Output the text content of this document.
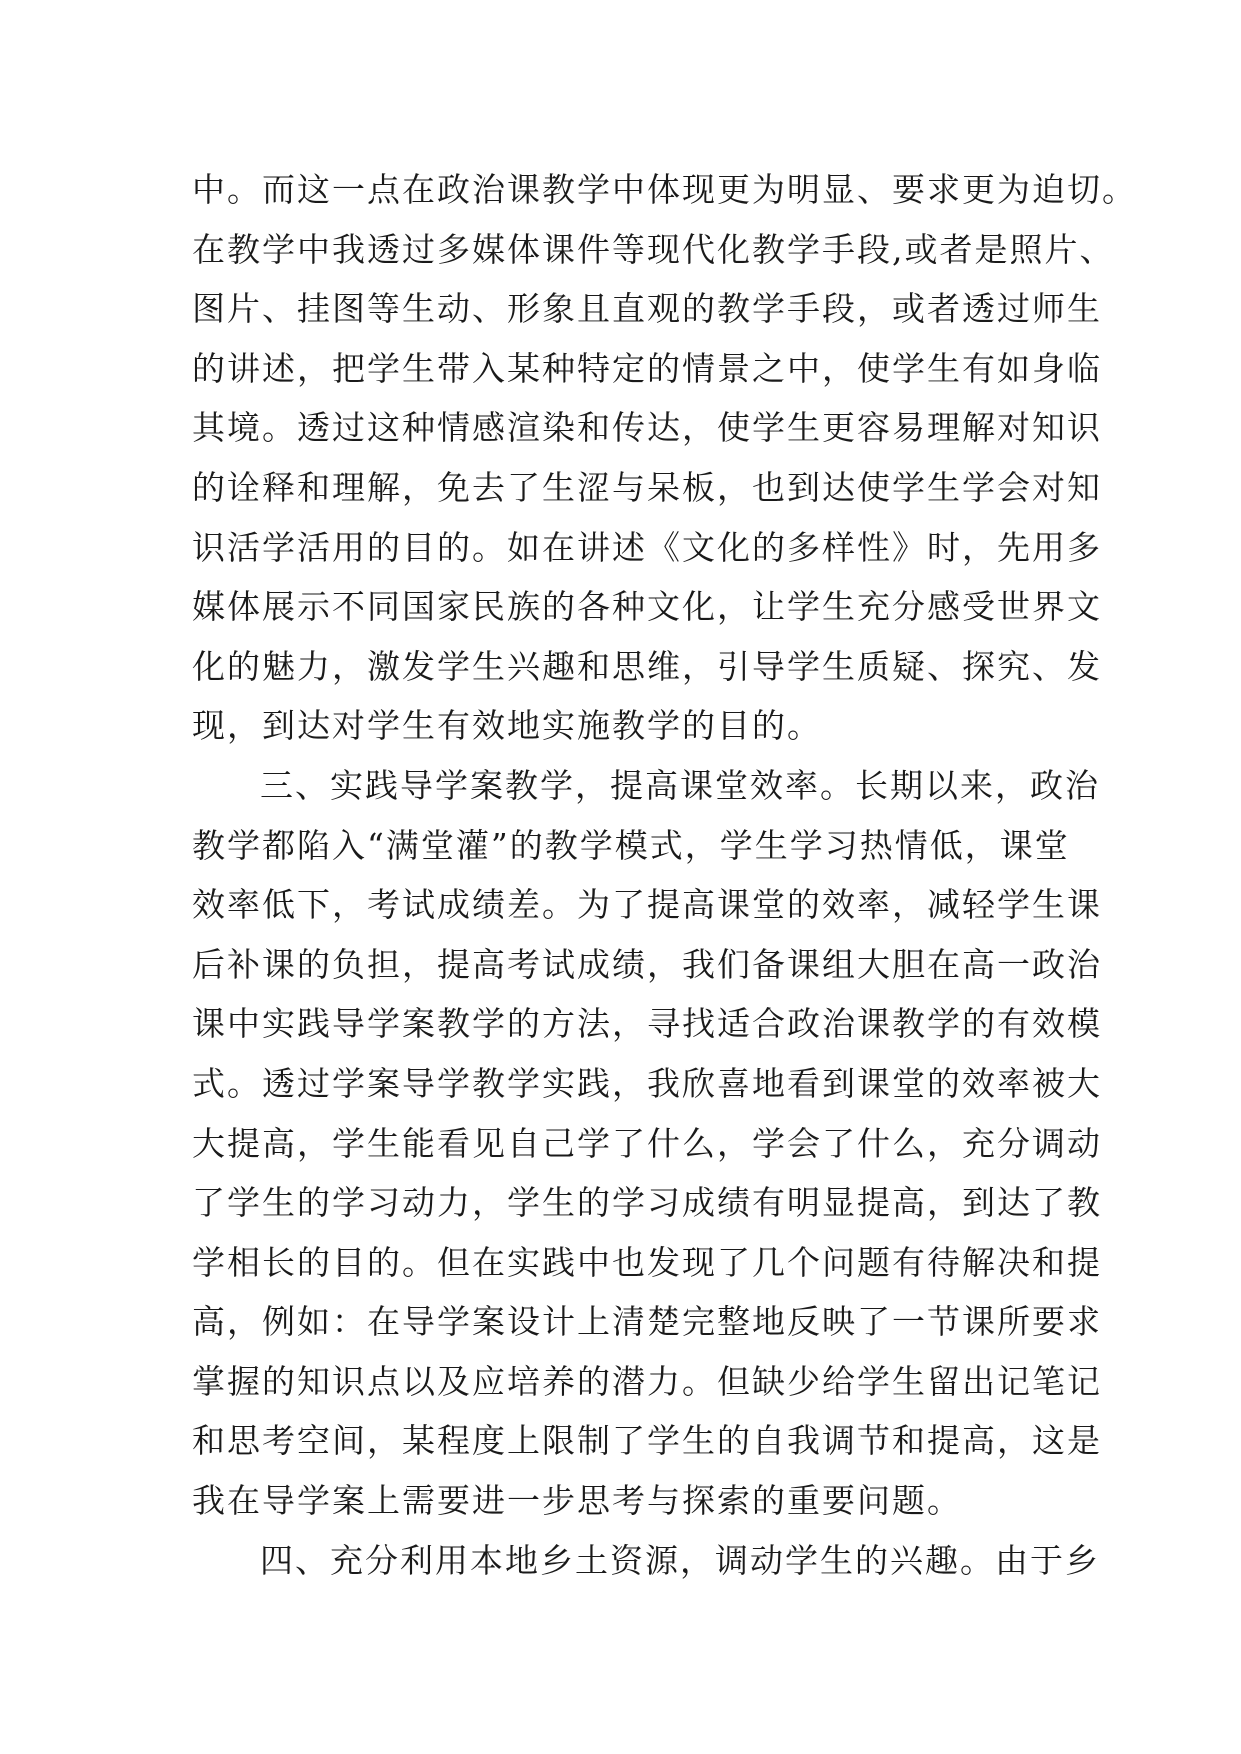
中。而这一点在政治课教学中体现更为明显、要求更为迫切。
在教学中我透过多媒体课件等现代化教学手段,或者是照片、
图片、挂图等生动、形象且直观的教学手段，或者透过师生
的讲述，把学生带入某种特定的情景之中，使学生有如身临
其境。透过这种情感渲染和传达，使学生更容易理解对知识
的诠释和理解，免去了生涩与呆板，也到达使学生学会对知
识活学活用的目的。如在讲述《文化的多样性》时，先用多
媒体展示不同国家民族的各种文化，让学生充分感受世界文
化的魅力，激发学生兴趣和思维，引导学生质疑、探究、发
现，到达对学生有效地实施教学的目的。
三、实践导学案教学，提高课堂效率。长期以来，政治
教学都陷入“满堂灌”的教学模式，学生学习热情低，课堂
效率低下，考试成绩差。为了提高课堂的效率，减轻学生课
后补课的负担，提高考试成绩，我们备课组大胆在高一政治
课中实践导学案教学的方法，寻找适合政治课教学的有效模
式。透过学案导学教学实践，我欣喜地看到课堂的效率被大
大提高，学生能看见自己学了什么，学会了什么，充分调动
了学生的学习动力，学生的学习成绩有明显提高，到达了教
学相长的目的。但在实践中也发现了几个问题有待解决和提
高，例如：在导学案设计上清楚完整地反映了一节课所要求
掌握的知识点以及应培养的潜力。但缺少给学生留出记笔记
和思考空间，某程度上限制了学生的自我调节和提高，这是
我在导学案上需要进一步思考与探索的重要问题。
四、充分利用本地乡土资源，调动学生的兴趣。由于乡
